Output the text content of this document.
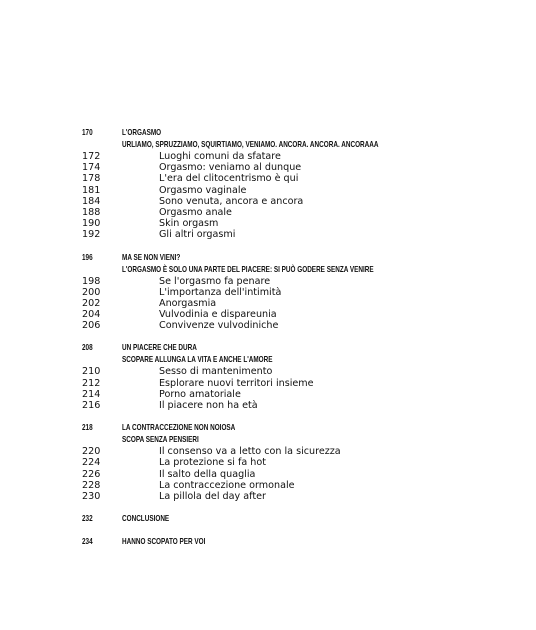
170	L'ORGASMO
URLIAMO, SPRUZZIAMO, SQUIRTIAMO, VENIAMO. ANCORA. ANCORA. ANCORAAA
172	Luoghi comuni da sfatare
174	Orgasmo: veniamo al dunque
178	L'era del clitocentrismo è qui
181	Orgasmo vaginale
184	Sono venuta, ancora e ancora
188	Orgasmo anale
190	Skin orgasm
192	Gli altri orgasmi
196	MA SE NON VIENI?
L'ORGASMO È SOLO UNA PARTE DEL PIACERE: SI PUÒ GODERE SENZA VENIRE
198	Se l'orgasmo fa penare
200	L'importanza dell'intimità
202	Anorgasmia
204	Vulvodinia e dispareunia
206	Convivenze vulvodiniche
208	UN PIACERE CHE DURA
SCOPARE ALLUNGA LA VITA E ANCHE L'AMORE
210	Sesso di mantenimento
212	Esplorare nuovi territori insieme
214	Porno amatoriale
216	Il piacere non ha età
218	LA CONTRACCEZIONE NON NOIOSA
SCOPA SENZA PENSIERI
220	Il consenso va a letto con la sicurezza
224	La protezione si fa hot
226	Il salto della quaglia
228	La contraccezione ormonale
230	La pillola del day after
232	CONCLUSIONE
234	HANNO SCOPATO PER VOI
